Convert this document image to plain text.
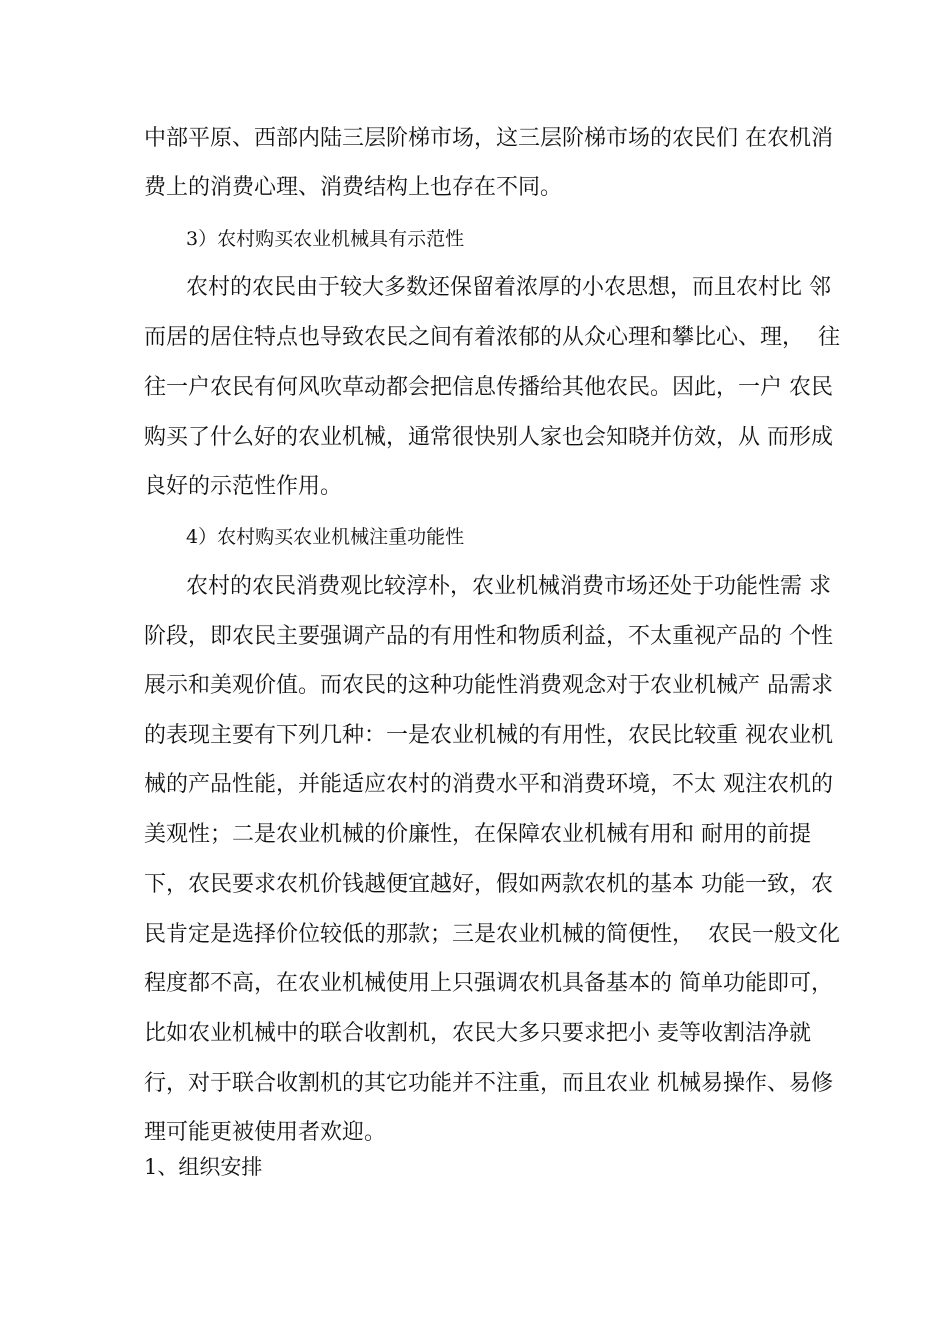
中部平原、西部内陆三层阶梯市场，这三层阶梯市场的农民们 在农机消
费上的消费心理、消费结构上也存在不同。
3）农村购买农业机械具有示范性
农村的农民由于较大多数还保留着浓厚的小农思想，而且农村比 邻
而居的居住特点也导致农民之间有着浓郁的从众心理和攀比心、理，  往
往一户农民有何风吹草动都会把信息传播给其他农民。因此，一户 农民
购买了什么好的农业机械，通常很快别人家也会知晓并仿效，从 而形成
良好的示范性作用。
4）农村购买农业机械注重功能性
农村的农民消费观比较淳朴，农业机械消费市场还处于功能性需 求
阶段，即农民主要强调产品的有用性和物质利益，不太重视产品的 个性
展示和美观价值。而农民的这种功能性消费观念对于农业机械产 品需求
的表现主要有下列几种：一是农业机械的有用性，农民比较重 视农业机
械的产品性能，并能适应农村的消费水平和消费环境，不太 观注农机的
美观性；二是农业机械的价廉性，在保障农业机械有用和 耐用的前提
下，农民要求农机价钱越便宜越好，假如两款农机的基本 功能一致，农
民肯定是选择价位较低的那款；三是农业机械的简便性，  农民一般文化
程度都不高，在农业机械使用上只强调农机具备基本的 简单功能即可，
比如农业机械中的联合收割机，农民大多只要求把小 麦等收割洁净就
行，对于联合收割机的其它功能并不注重，而且农业 机械易操作、易修
理可能更被使用者欢迎。
1、组织安排
